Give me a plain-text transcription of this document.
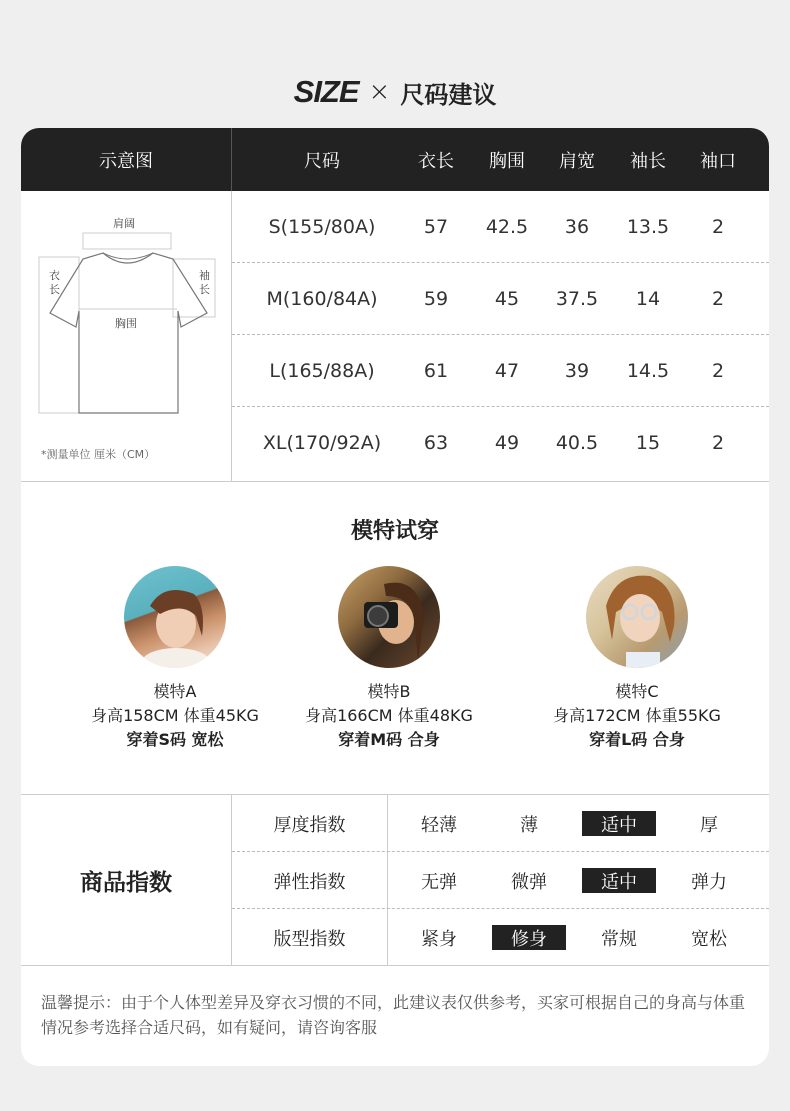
SIZE × 尺码建议
示意图	尺码	衣长	胸围	肩宽	袖长	袖口
肩阔
衣长
袖长
胸围
*测量单位 厘米（CM）
S(155/80A)	57	42.5	36	13.5	2
M(160/84A)	59	45	37.5	14	2
L(165/88A)	61	47	39	14.5	2
XL(170/92A)	63	49	40.5	15	2
模特试穿
模特A
身高158CM 体重45KG
穿着S码 宽松
模特B
身高166CM 体重48KG
穿着M码 合身
模特C
身高172CM 体重55KG
穿着L码 合身
商品指数
厚度指数	轻薄	薄	适中	厚
弹性指数	无弹	微弹	适中	弹力
版型指数	紧身	修身	常规	宽松
温馨提示：由于个人体型差异及穿衣习惯的不同，此建议表仅供参考，买家可根据自己的身高与体重情况参考选择合适尺码，如有疑问，请咨询客服
